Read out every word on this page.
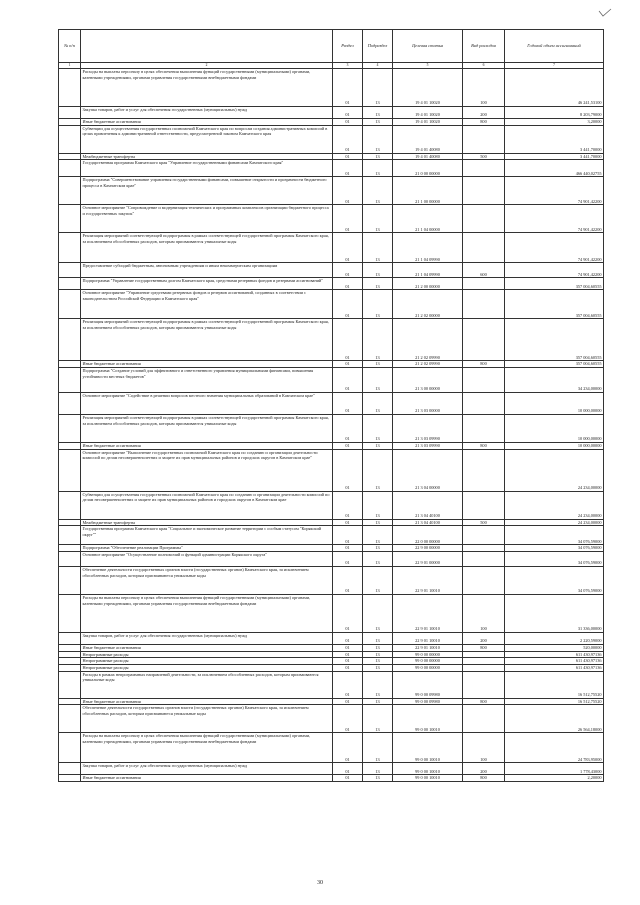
№ п/п		Раздел	Подраздел	Целевая статья	Вид расходов	Годовой объем ассигнований
1	2	3	4	5	6	7
	Расходы на выплаты персоналу в целях обеспечения выполнения функций государственными (муниципальными) органами, казенными учреждениями, органами управления государственными внебюджетными фондами	01	13	19 4 01 10020	100	46 241,53100
	Закупка товаров, работ и услуг для обеспечения государственных (муниципальных) нужд	01	13	19 4 01 10020	200	8 203,79000
	Иные бюджетные ассигнования	01	13	19 4 01 10020	800	3,20000
	Субвенции для осуществления государственных полномочий Камчатского края по вопросам создания административных комиссий в целях привлечения к административной ответственности, предусмотренной законом Камчатского края	01	13	19 4 01 40080		3 441,70000
	Межбюджетные трансферты	01	13	19 4 01 40080	500	3 441,70000
	Государственная программа Камчатского края "Управление государственными финансами Камчатского края"	01	13	21 0 00 00000		466 440,02755
	Подпрограмма "Совершенствование управления государственными финансами, повышение открытости и прозрачности бюджетного процесса в Камчатском крае"	01	13	21 1 00 00000		74 901,42200
	Основное мероприятие "Сопровождение и модернизация технических и программных комплексов организации бюджетного процесса и государственных закупок"	01	13	21 1 04 00000		74 901,42200
	Реализация мероприятий соответствующей подпрограммы в рамках соответствующей государственной программы Камчатского края, за исключением обособленных расходов, которым присваиваются уникальные коды	01	13	21 1 04 09990		74 901,42200
	Предоставление субсидий бюджетным, автономным учреждениям и иным некоммерческим организациям	01	13	21 1 04 09990	600	74 901,42200
	Подпрограмма "Управление государственным долгом Камчатского края, средствами резервных фондов и резервами ассигнований"	01	13	21 2 00 00000		357 004,60555
	Основное мероприятие "Управление средствами резервных фондов и резервов ассигнований, созданных в соответствии с законодательством Российской Федерации и Камчатского края"	01	13	21 2 02 00000		357 004,60555
	Реализация мероприятий соответствующей подпрограммы в рамках соответствующей государственной программы Камчатского края, за исключением обособленных расходов, которым присваиваются уникальные коды	01	13	21 2 02 09990		357 004,60555
	Иные бюджетные ассигнования	01	13	21 2 02 09990	800	357 004,60555
	Подпрограмма "Создание условий для эффективного и ответственного управления муниципальными финансами, повышения устойчивости местных бюджетов"	01	13	21 3 00 00000		34 234,00000
	Основное мероприятие "Содействие в решении вопросов местного значения муниципальных образований в Камчатском крае"	01	13	21 3 03 00000		10 000,00000
	Реализация мероприятий соответствующей подпрограммы в рамках соответствующей государственной программы Камчатского края, за исключением обособленных расходов, которым присваиваются уникальные коды	01	13	21 3 03 09990		10 000,00000
	Иные бюджетные ассигнования	01	13	21 3 03 09990	800	10 000,00000
	Основное мероприятие "Выполнение государственных полномочий Камчатского края по созданию и организации деятельности комиссий по делам несовершеннолетних и защите их прав муниципальных районов и городских округов в Камчатском крае"	01	13	21 3 04 00000		24 234,00000
	Субвенции для осуществления государственных полномочий Камчатского края по созданию и организации деятельности комиссий по делам несовершеннолетних и защите их прав муниципальных районов и городских округов в Камчатском крае	01	13	21 3 04 40100		24 234,00000
	Межбюджетные трансферты	01	13	21 3 04 40100	500	24 234,00000
	Государственная программа Камчатского края "Социальное и экономическое развитие территории с особым статусом "Корякский округ""	01	13	22 0 00 00000		34 076,59000
	Подпрограмма "Обеспечение реализации Программы"	01	13	22 9 00 00000		34 076,59000
	Основное мероприятие "Осуществление полномочий и функций администрации Корякского округа"	01	13	22 9 01 00000		34 076,59000
	Обеспечение деятельности государственных органов власти (государственных органов) Камчатского края, за исключением обособленных расходов, которым присваиваются уникальные коды	01	13	22 9 01 10010		34 076,59000
	Расходы на выплаты персоналу в целях обеспечения выполнения функций государственными (муниципальными) органами, казенными учреждениями, органами управления государственными внебюджетными фондами	01	13	22 9 01 10010	100	31 336,00000
	Закупка товаров, работ и услуг для обеспечения государственных (муниципальных) нужд	01	13	22 9 01 10010	200	2 220,59000
	Иные бюджетные ассигнования	01	13	22 9 01 10010	800	520,00000
	Непрограммные расходы	01	13	99 0 00 00000		611 430,97136
	Непрограммные расходы	01	13	99 0 00 00000		611 430,97136
	Непрограммные расходы	01	13	99 0 00 00000		611 430,97136
	Расходы в рамках непрограммных направлений деятельности, за исключением обособленных расходов, которым присваиваются уникальные коды	01	13	99 0 00 09980		16 512,75520
	Иные бюджетные ассигнования	01	13	99 0 00 09980	800	16 512,75520
	Обеспечение деятельности государственных органов власти (государственных органов) Камчатского края, за исключением обособленных расходов, которым присваиваются уникальные коды	01	13	99 0 00 10010		26 564,18000
	Расходы на выплаты персоналу в целях обеспечения выполнения функций государственными (муниципальными) органами, казенными учреждениями, органами управления государственными внебюджетными фондами	01	13	99 0 00 10010	100	24 783,95000
	Закупка товаров, работ и услуг для обеспечения государственных (муниципальных) нужд	01	13	99 0 00 10010	200	1 778,43000
	Иные бюджетные ассигнования	01	13	99 0 00 10010	800	2,20000
30
